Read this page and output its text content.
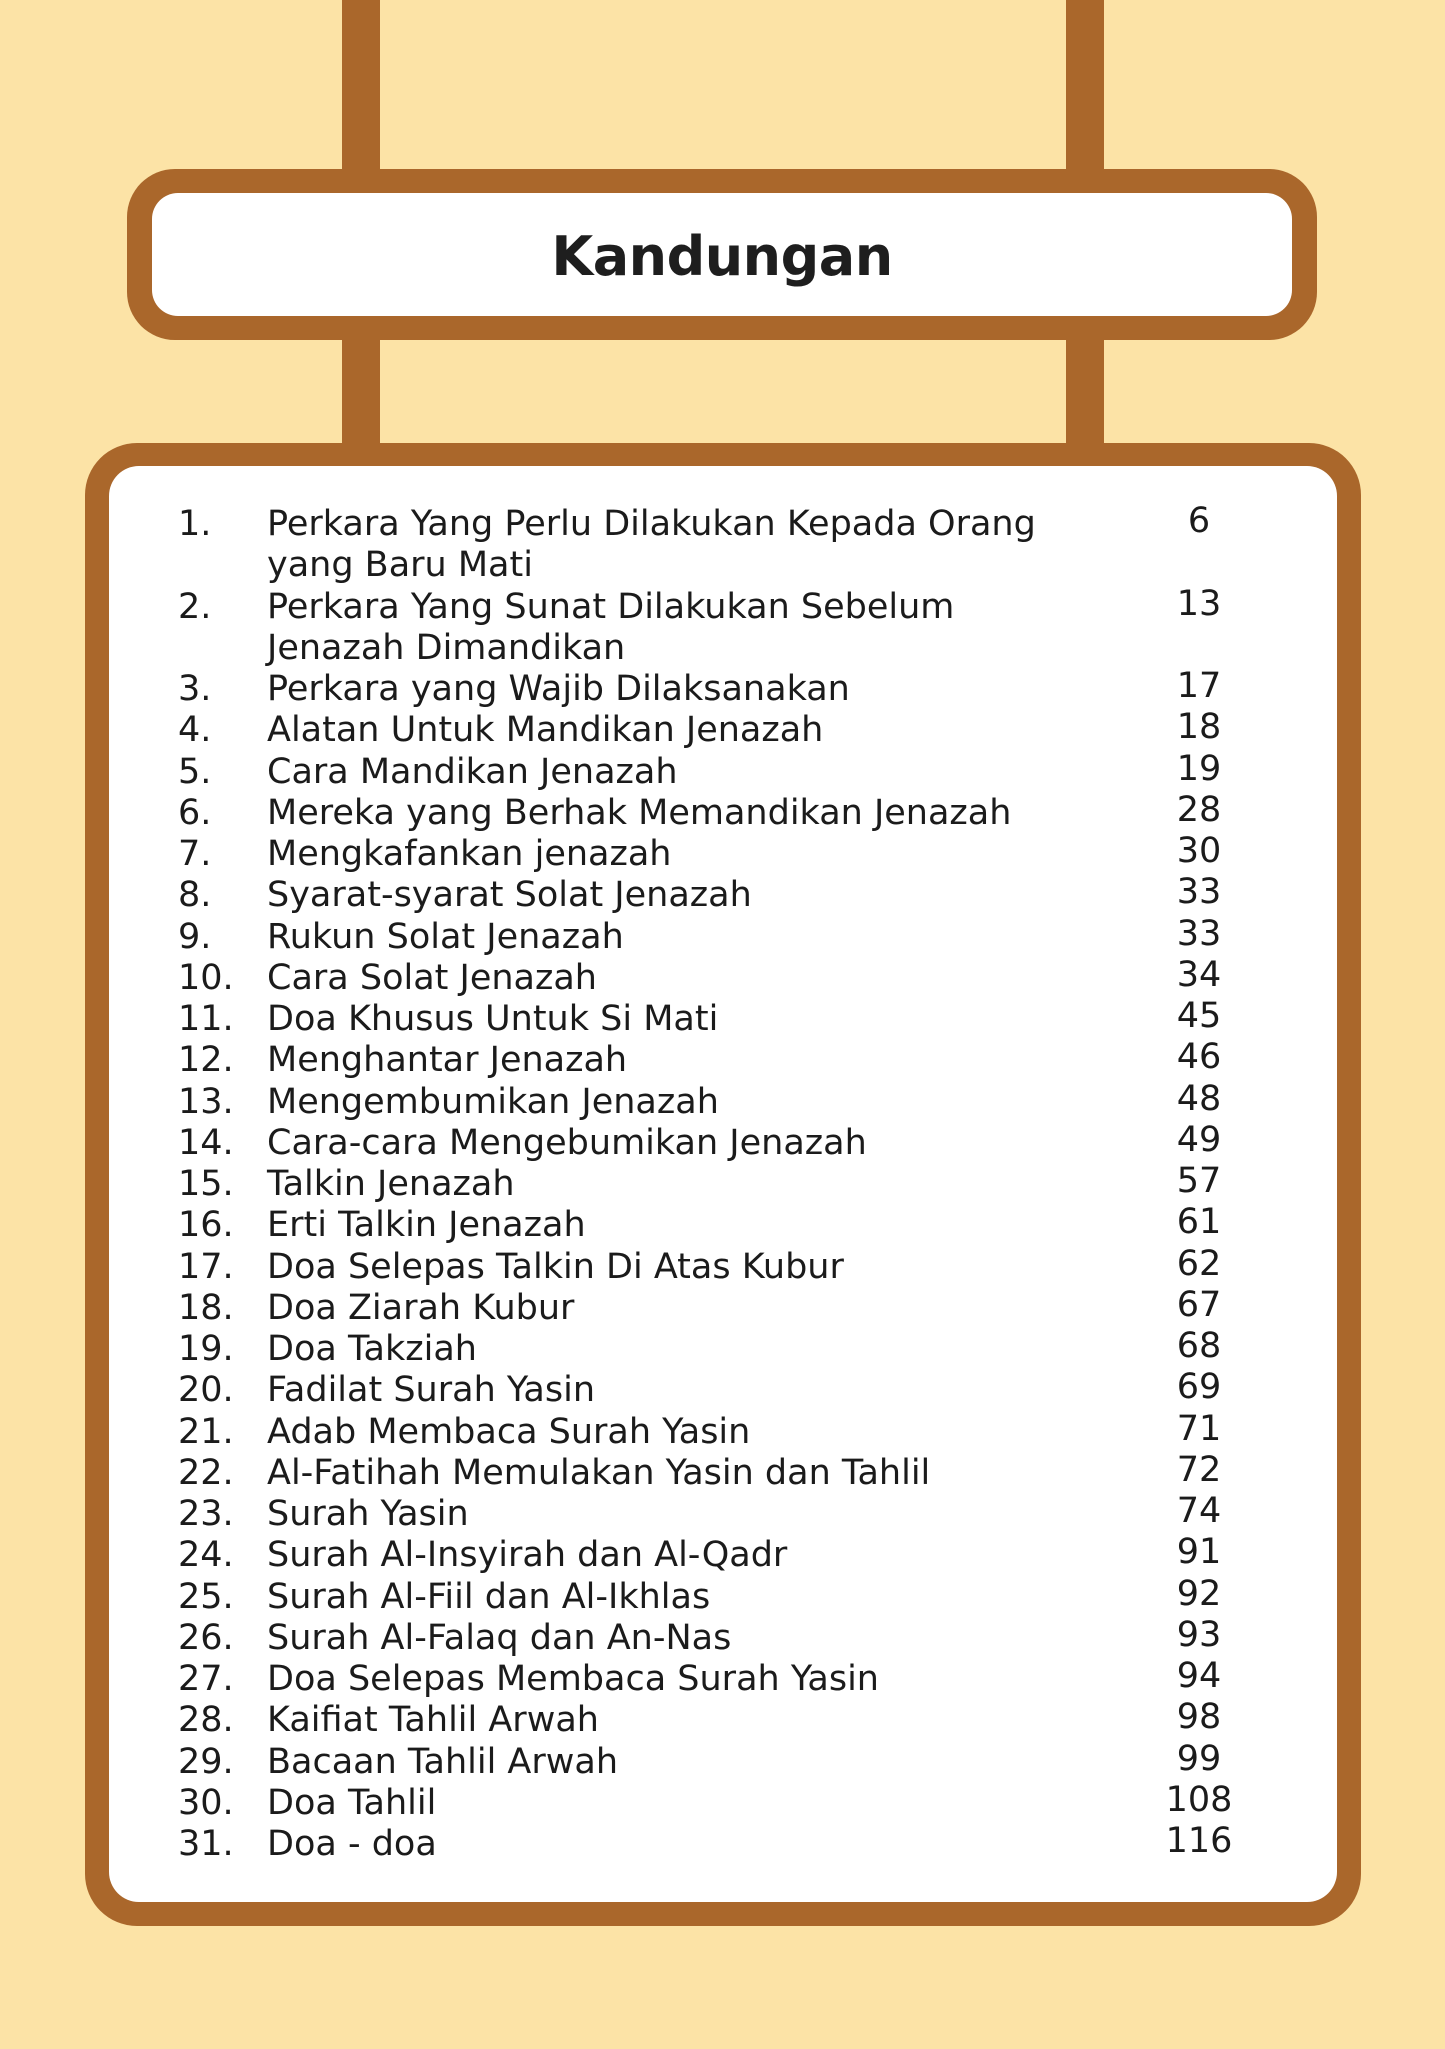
Kandungan
1. Perkara Yang Perlu Dilakukan Kepada Orang	6
yang Baru Mati
2. Perkara Yang Sunat Dilakukan Sebelum	13
Jenazah Dimandikan
3. Perkara yang Wajib Dilaksanakan	17
4. Alatan Untuk Mandikan Jenazah	18
5. Cara Mandikan Jenazah	19
6. Mereka yang Berhak Memandikan Jenazah	28
7. Mengkafankan jenazah	30
8. Syarat-syarat Solat Jenazah	33
9. Rukun Solat Jenazah	33
10. Cara Solat Jenazah	34
11. Doa Khusus Untuk Si Mati	45
12. Menghantar Jenazah	46
13. Mengembumikan Jenazah	48
14. Cara-cara Mengebumikan Jenazah	49
15. Talkin Jenazah	57
16. Erti Talkin Jenazah	61
17. Doa Selepas Talkin Di Atas Kubur	62
18. Doa Ziarah Kubur	67
19. Doa Takziah	68
20. Fadilat Surah Yasin	69
21. Adab Membaca Surah Yasin	71
22. Al-Fatihah Memulakan Yasin dan Tahlil	72
23. Surah Yasin	74
24. Surah Al-Insyirah dan Al-Qadr	91
25. Surah Al-Fiil dan Al-Ikhlas	92
26. Surah Al-Falaq dan An-Nas	93
27. Doa Selepas Membaca Surah Yasin	94
28. Kaifiat Tahlil Arwah	98
29. Bacaan Tahlil Arwah	99
30. Doa Tahlil	108
31. Doa - doa	116
